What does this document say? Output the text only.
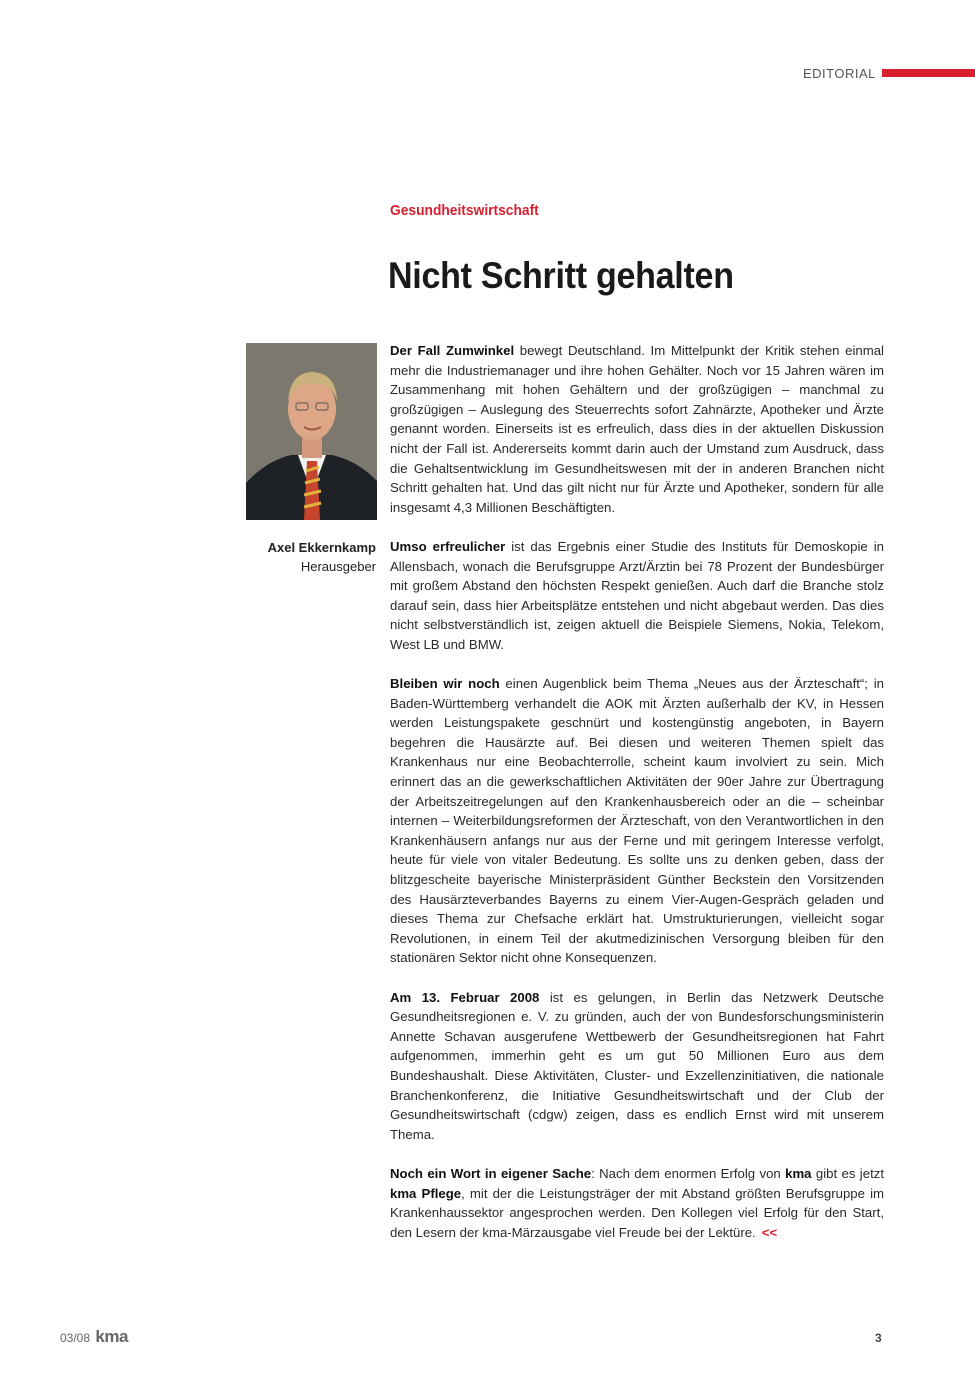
EDITORIAL
Gesundheitswirtschaft
Nicht Schritt gehalten
Axel Ekkernkamp
Herausgeber

Der Fall Zumwinkel bewegt Deutschland. Im Mittelpunkt der Kritik stehen einmal mehr die Industriemanager und ihre hohen Gehälter. Noch vor 15 Jahren wären im Zusammenhang mit hohen Gehältern und der großzügigen – manchmal zu großzügigen – Auslegung des Steuerrechts sofort Zahnärzte, Apotheker und Ärzte genannt worden. Einerseits ist es erfreulich, dass dies in der aktuellen Diskussion nicht der Fall ist. Andererseits kommt darin auch der Umstand zum Ausdruck, dass die Gehaltsentwicklung im Gesundheitswesen mit der in anderen Branchen nicht Schritt gehalten hat. Und das gilt nicht nur für Ärzte und Apotheker, sondern für alle insgesamt 4,3 Millionen Beschäftigten.

Umso erfreulicher ist das Ergebnis einer Studie des Instituts für Demoskopie in Allensbach, wonach die Berufsgruppe Arzt/Ärztin bei 78 Prozent der Bundesbürger mit großem Abstand den höchsten Respekt genießen. Auch darf die Branche stolz darauf sein, dass hier Arbeitsplätze entstehen und nicht abgebaut werden. Das dies nicht selbstverständlich ist, zeigen aktuell die Beispiele Siemens, Nokia, Telekom, West LB und BMW.

Bleiben wir noch einen Augenblick beim Thema „Neues aus der Ärzteschaft“; in Baden-Württemberg verhandelt die AOK mit Ärzten außerhalb der KV, in Hessen werden Leistungspakete geschnürt und kostengünstig angeboten, in Bayern begehren die Hausärzte auf. Bei diesen und weiteren Themen spielt das Krankenhaus nur eine Beobachterrolle, scheint kaum involviert zu sein. Mich erinnert das an die gewerkschaftlichen Aktivitäten der 90er Jahre zur Übertragung der Arbeitszeitregelungen auf den Krankenhausbereich oder an die – scheinbar internen – Weiterbildungsreformen der Ärzteschaft, von den Verantwortlichen in den Krankenhäusern anfangs nur aus der Ferne und mit geringem Interesse verfolgt, heute für viele von vitaler Bedeutung. Es sollte uns zu denken geben, dass der blitzgescheite bayerische Ministerpräsident Günther Beckstein den Vorsitzenden des Hausärzteverbandes Bayerns zu einem Vier-Augen-Gespräch geladen und dieses Thema zur Chefsache erklärt hat. Umstrukturierungen, vielleicht sogar Revolutionen, in einem Teil der akutmedizinischen Versorgung bleiben für den stationären Sektor nicht ohne Konsequenzen.

Am 13. Februar 2008 ist es gelungen, in Berlin das Netzwerk Deutsche Gesundheitsregionen e. V. zu gründen, auch der von Bundesforschungsministerin Annette Schavan ausgerufene Wettbewerb der Gesundheitsregionen hat Fahrt aufgenommen, immerhin geht es um gut 50 Millionen Euro aus dem Bundeshaushalt. Diese Aktivitäten, Cluster- und Exzellenzinitiativen, die nationale Branchenkonferenz, die Initiative Gesundheitswirtschaft und der Club der Gesundheitswirtschaft (cdgw) zeigen, dass es endlich Ernst wird mit unserem Thema.

Noch ein Wort in eigener Sache: Nach dem enormen Erfolg von kma gibt es jetzt kma Pflege, mit der die Leistungsträger der mit Abstand größten Berufsgruppe im Krankenhaussektor angesprochen werden. Den Kollegen viel Erfolg für den Start, den Lesern der kma-Märzausgabe viel Freude bei der Lektüre. <<

03/08 kma	3
